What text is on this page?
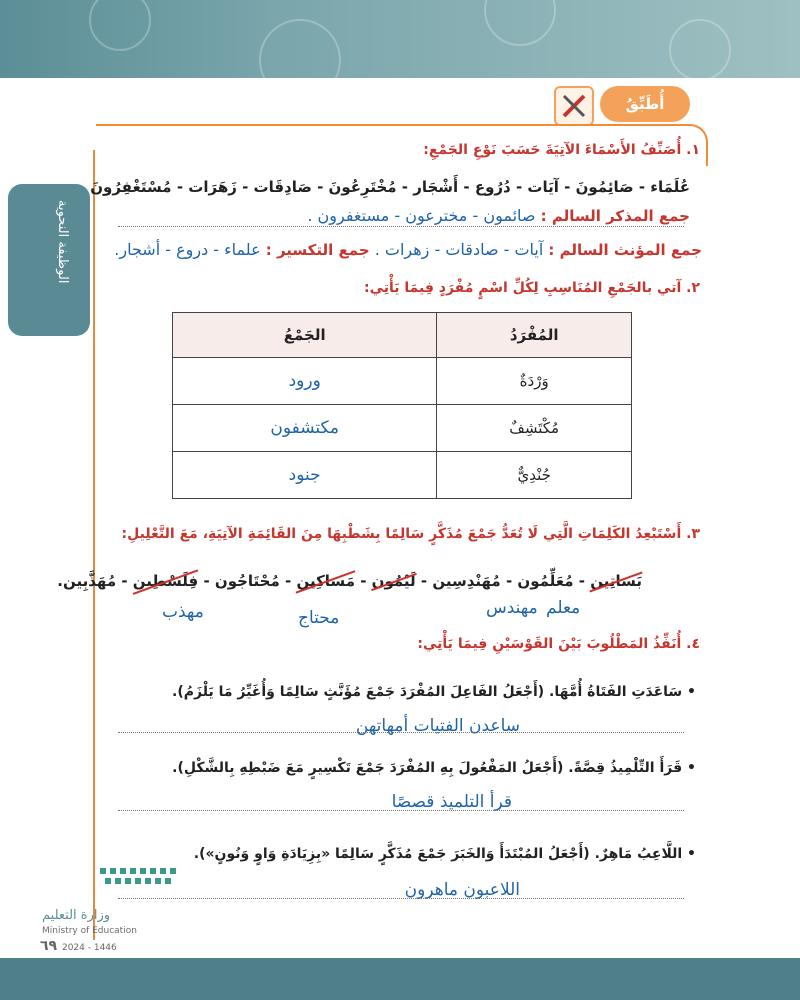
أُطَبِّقُ
الوظيفة النحوية
١. أُصَنِّفُ الأَسْمَاءَ الآتِيَةَ حَسَبَ نَوْعِ الجَمْعِ:
عُلَمَاء - صَائِمُونَ - آيَات - دُرُوع - أَشْجَار - مُخْتَرِعُونَ - صَادِقَات - زَهَرَات - مُسْتَغْفِرُونَ
جمع المذكر السالم : صائمون - مخترعون - مستغفرون .
جمع المؤنث السالم : آيات - صادقات - زهرات . جمع التكسير : علماء - دروع - أشجار.
٢. آتي بالجَمْعِ المُنَاسِبِ لِكُلِّ اسْمٍ مُفْرَدٍ فِيمَا يَأْتِي:
المُفْرَدُ	الجَمْعُ
وَرْدَةٌ	ورود
مُكْتَشِفٌ	مكتشفون
جُنْدِيٌّ	جنود
٣. أَسْتَبْعِدُ الكَلِمَاتِ الَّتِي لَا تُعَدُّ جَمْعَ مُذَكَّرٍ سَالِمًا بِشَطْبِهَا مِنَ القَائِمَةِ الآتِيَةِ، مَعَ التَّعْلِيلِ:
بَسَاتِين - مُعَلِّمُون - مُهَنْدِسِين - لَيْمُون - مَسَاكِين - مُحْتَاجُون - فِلَسْطِين - مُهَذَّبِين.
معلم
مهندس
محتاج
مهذب
٤. أُنَفِّذُ المَطْلُوبَ بَيْنَ القَوْسَيْنِ فِيمَا يَأْتِي:
• سَاعَدَتِ الفَتَاةُ أُمَّهَا. (أَجْعَلُ الفَاعِلَ المُفْرَدَ جَمْعَ مُؤَنَّثٍ سَالِمًا وَأُغَيِّرُ مَا يَلْزَمُ).
ساعدن الفتيات أمهاتهن
• قَرَأَ التِّلْمِيذُ قِصَّةً. (أَجْعَلُ المَفْعُولَ بِهِ المُفْرَدَ جَمْعَ تَكْسِيرٍ مَعَ ضَبْطِهِ بِالشَّكْلِ).
قرأ التلميذ قصصًا
• اللَّاعِبُ مَاهِرٌ. (أَجْعَلُ المُبْتَدَأَ وَالخَبَرَ جَمْعَ مُذَكَّرٍ سَالِمًا «بِزِيَادَةِ وَاوٍ وَنُونٍ»).
اللاعبون ماهرون
وزارة التعليم
Ministry of Education
٦٩ 2024 - 1446
